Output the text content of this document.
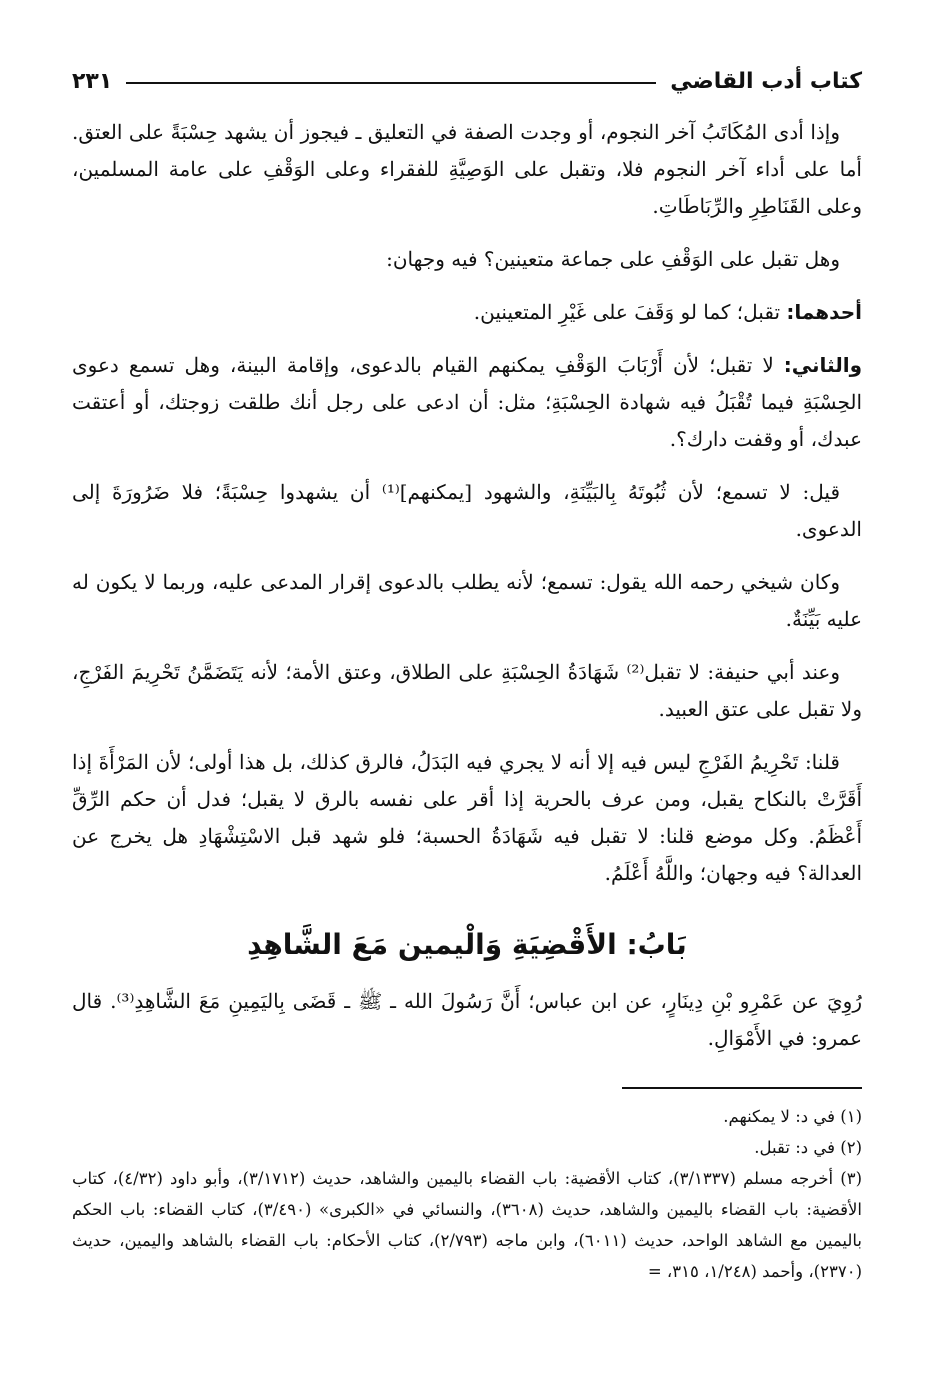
كتاب أدب القاضي
٢٣١

وإذا أدى المُكَاتَبُ آخر النجوم، أو وجدت الصفة في التعليق ـ فيجوز أن يشهد حِسْبَةً على العتق. أما على أداء آخر النجوم فلا، وتقبل على الوَصِيَّةِ للفقراء وعلى الوَقْفِ على عامة المسلمين، وعلى القَنَاطِرِ والرِّبَاطَاتِ.

وهل تقبل على الوَقْفِ على جماعة متعينين؟ فيه وجهان:

أحدهما: تقبل؛ كما لو وَقَفَ على غَيْرِ المتعينين.

والثاني: لا تقبل؛ لأن أَرْبَابَ الوَقْفِ يمكنهم القيام بالدعوى، وإقامة البينة، وهل تسمع دعوى الحِسْبَةِ فيما تُقْبَلُ فيه شهادة الحِسْبَةِ؛ مثل: أن ادعى على رجل أنك طلقت زوجتك، أو أعتقت عبدك، أو وقفت دارك؟.

قيل: لا تسمع؛ لأن ثُبُوتَهُ بِالبَيِّنَةِ، والشهود [يمكنهم]⁽¹⁾ أن يشهدوا حِسْبَةً؛ فلا ضَرُورَةَ إلى الدعوى.

وكان شيخي رحمه الله يقول: تسمع؛ لأنه يطلب بالدعوى إقرار المدعى عليه، وربما لا يكون له عليه بَيِّنَةٌ.

وعند أبي حنيفة: لا تقبل⁽²⁾ شَهَادَةُ الحِسْبَةِ على الطلاق، وعتق الأمة؛ لأنه يَتَضَمَّنُ تَحْرِيمَ الفَرْجِ، ولا تقبل على عتق العبيد.

قلنا: تَحْرِيمُ الفَرْجِ ليس فيه إلا أنه لا يجري فيه البَدَلُ، فالرق كذلك، بل هذا أولى؛ لأن المَرْأَةَ إذا أَقَرَّتْ بالنكاح يقبل، ومن عرف بالحرية إذا أقر على نفسه بالرق لا يقبل؛ فدل أن حكم الرِّقِّ أَعْظَمُ. وكل موضع قلنا: لا تقبل فيه شَهَادَةُ الحسبة؛ فلو شهد قبل الاسْتِشْهَادِ هل يخرج عن العدالة؟ فيه وجهان؛ واللَّهُ أَعْلَمُ.

بَابُ: الأَقْضِيَةِ وَالْيمين مَعَ الشَّاهِدِ

رُوِيَ عن عَمْرِو بْنِ دِينَارٍ، عن ابن عباس؛ أَنَّ رَسُولَ الله ـ ﷺ ـ قَضَى بِاليَمِينِ مَعَ الشَّاهِدِ⁽³⁾. قال عمرو: في الأَمْوَالِ.

(١) في د: لا يمكنهم.

(٢) في د: تقبل.

(٣) أخرجه مسلم (٣/١٣٣٧)، كتاب الأقضية: باب القضاء باليمين والشاهد، حديث (٣/١٧١٢)، وأبو داود (٤/٣٢)، كتاب الأقضية: باب القضاء باليمين والشاهد، حديث (٣٦٠٨)، والنسائي في «الكبرى» (٣/٤٩٠)، كتاب القضاء: باب الحكم باليمين مع الشاهد الواحد، حديث (٦٠١١)، وابن ماجه (٢/٧٩٣)، كتاب الأحكام: باب القضاء بالشاهد واليمين، حديث (٢٣٧٠)، وأحمد (١/٢٤٨، ٣١٥، =
